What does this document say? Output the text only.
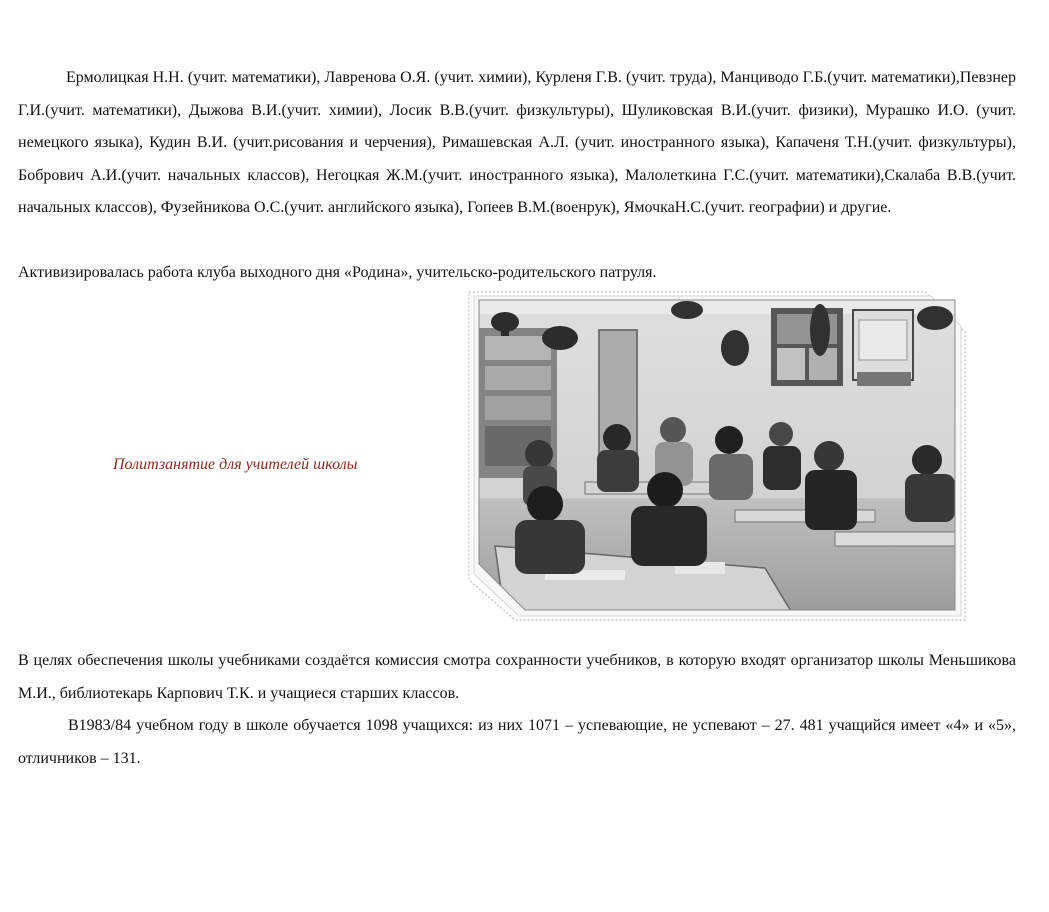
Ермолицкая Н.Н. (учит. математики), Лавренова О.Я. (учит. химии), Курленя Г.В. (учит. труда), Манциводо Г.Б.(учит. математики),Певзнер Г.И.(учит. математики), Дыжова В.И.(учит. химии), Лосик В.В.(учит. физкультуры), Шуликовская В.И.(учит. физики), Мурашко И.О. (учит. немецкого языка), Кудин В.И. (учит.рисования и черчения), Римашевская А.Л. (учит. иностранного языка), Капаченя Т.Н.(учит. физкультуры), Бобрович А.И.(учит. начальных классов), Негоцкая Ж.М.(учит. иностранного языка), Малолеткина Г.С.(учит. математики),Скалаба В.В.(учит. начальных классов), Фузейникова О.С.(учит. английского языка), Гопеев В.М.(военрук), ЯмочкаН.С.(учит. географии) и другие.

Активизировалась работа клуба выходного дня «Родина», учительско-родительского патруля.

Политзанятие для учителей школы

В целях обеспечения школы учебниками создаётся комиссия смотра сохранности учебников, в которую входят организатор школы Меньшикова М.И., библиотекарь Карпович Т.К. и учащиеся старших классов.

В1983/84 учебном году в школе обучается 1098 учащихся: из них 1071 – успевающие, не успевают – 27. 481 учащийся имеет «4» и «5», отличников – 131.
